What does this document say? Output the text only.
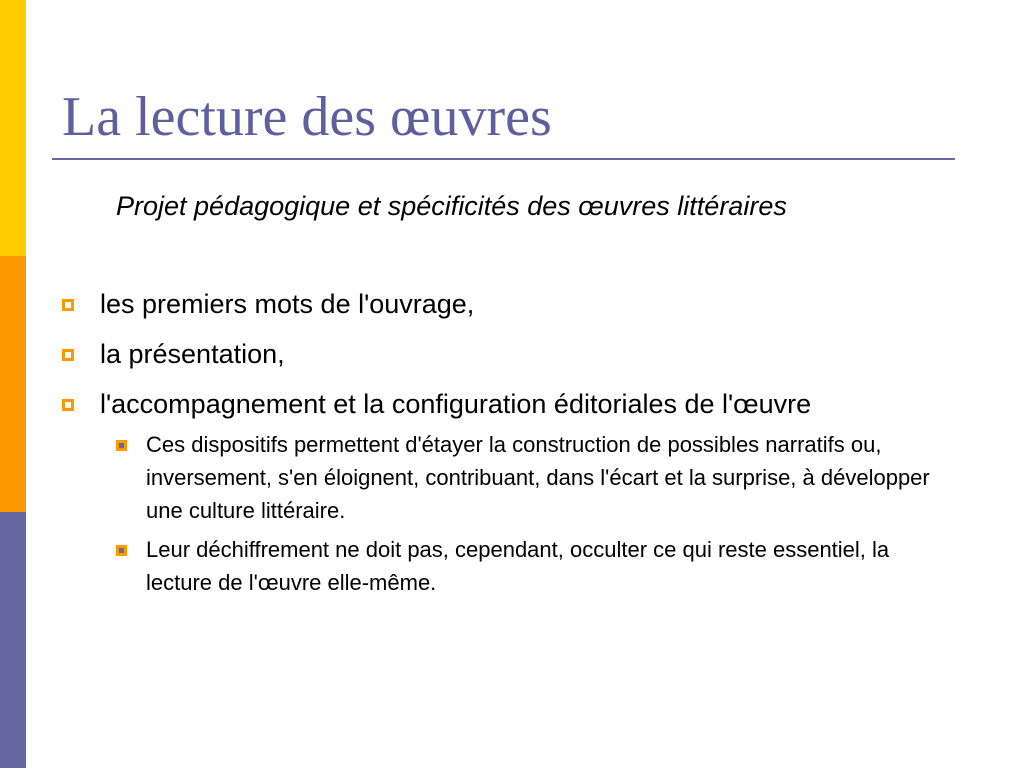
La lecture des œuvres
Projet pédagogique et spécificités des œuvres littéraires
les premiers mots de l'ouvrage,
la présentation,
l'accompagnement et la configuration éditoriales de l'œuvre
Ces dispositifs permettent d'étayer la construction de possibles narratifs ou, inversement, s'en éloignent, contribuant, dans l'écart et la surprise, à développer une culture littéraire.
Leur déchiffrement ne doit pas, cependant, occulter ce qui reste essentiel, la lecture de l'œuvre elle-même.
